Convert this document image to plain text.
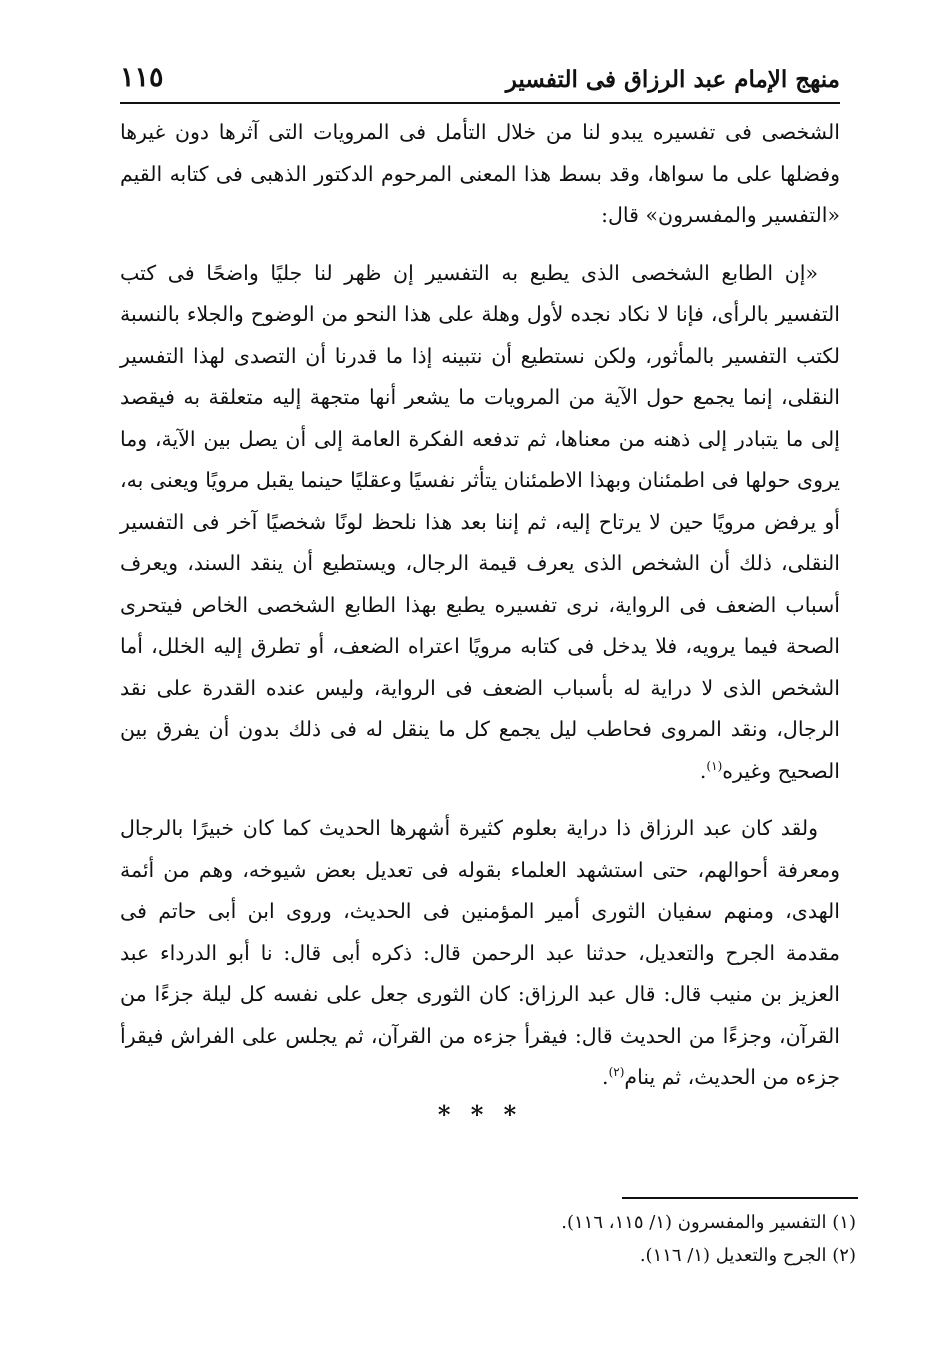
منهج الإمام عبد الرزاق فى التفسير
١١٥

الشخصى فى تفسيره يبدو لنا من خلال التأمل فى المرويات التى آثرها دون غيرها وفضلها على ما سواها، وقد بسط هذا المعنى المرحوم الدكتور الذهبى فى كتابه القيم «التفسير والمفسرون» قال:

«إن الطابع الشخصى الذى يطبع به التفسير إن ظهر لنا جليًا واضحًا فى كتب التفسير بالرأى، فإنا لا نكاد نجده لأول وهلة على هذا النحو من الوضوح والجلاء بالنسبة لكتب التفسير بالمأثور، ولكن نستطيع أن نتبينه إذا ما قدرنا أن التصدى لهذا التفسير النقلى، إنما يجمع حول الآية من المرويات ما يشعر أنها متجهة إليه متعلقة به فيقصد إلى ما يتبادر إلى ذهنه من معناها، ثم تدفعه الفكرة العامة إلى أن يصل بين الآية، وما يروى حولها فى اطمئنان وبهذا الاطمئنان يتأثر نفسيًا وعقليًا حينما يقبل مرويًا ويعنى به، أو يرفض مرويًا حين لا يرتاح إليه، ثم إننا بعد هذا نلحظ لونًا شخصيًا آخر فى التفسير النقلى، ذلك أن الشخص الذى يعرف قيمة الرجال، ويستطيع أن ينقد السند، ويعرف أسباب الضعف فى الرواية، نرى تفسيره يطبع بهذا الطابع الشخصى الخاص فيتحرى الصحة فيما يرويه، فلا يدخل فى كتابه مرويًا اعتراه الضعف، أو تطرق إليه الخلل، أما الشخص الذى لا دراية له بأسباب الضعف فى الرواية، وليس عنده القدرة على نقد الرجال، ونقد المروى فحاطب ليل يجمع كل ما ينقل له فى ذلك بدون أن يفرق بين الصحيح وغيره$^{(١)}$.

ولقد كان عبد الرزاق ذا دراية بعلوم كثيرة أشهرها الحديث كما كان خبيرًا بالرجال ومعرفة أحوالهم، حتى استشهد العلماء بقوله فى تعديل بعض شيوخه، وهم من أئمة الهدى، ومنهم سفيان الثورى أمير المؤمنين فى الحديث، وروى ابن أبى حاتم فى مقدمة الجرح والتعديل، حدثنا عبد الرحمن قال: ذكره أبى قال: نا أبو الدرداء عبد العزيز بن منيب قال: قال عبد الرزاق: كان الثورى جعل على نفسه كل ليلة جزءًا من القرآن، وجزءًا من الحديث قال: فيقرأ جزءه من القرآن، ثم يجلس على الفراش فيقرأ جزءه من الحديث، ثم ينام$^{(٢)}$.

* * *
(١) التفسير والمفسرون (١/ ١١٥، ١١٦).
(٢) الجرح والتعديل (١/ ١١٦).
